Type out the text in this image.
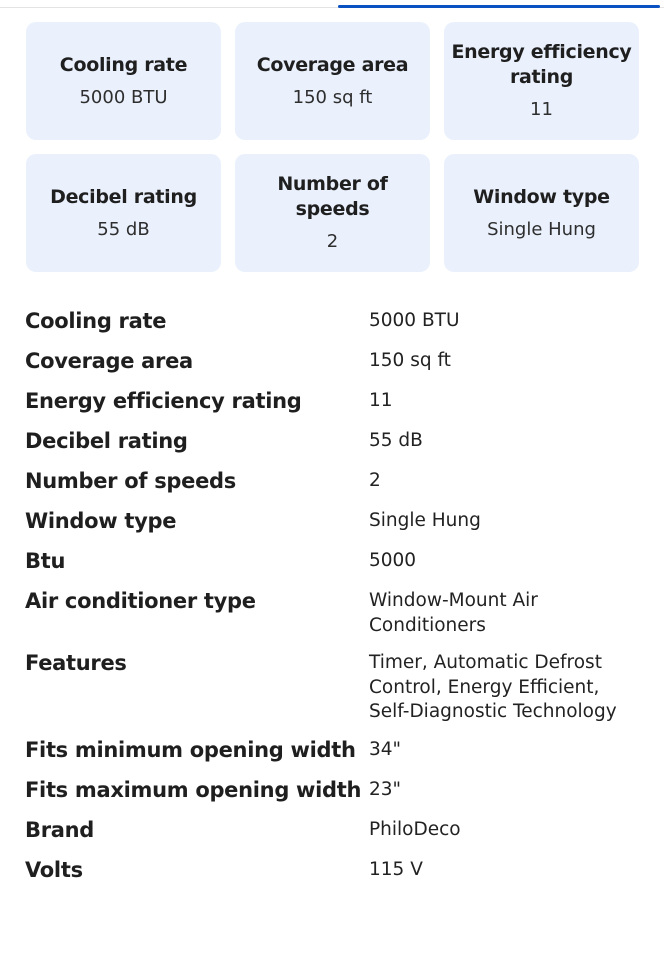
Cooling rate
5000 BTU
Coverage area
150 sq ft
Energy efficiency rating
11
Decibel rating
55 dB
Number of speeds
2
Window type
Single Hung
Cooling rate	5000 BTU
Coverage area	150 sq ft
Energy efficiency rating	11
Decibel rating	55 dB
Number of speeds	2
Window type	Single Hung
Btu	5000
Air conditioner type	Window-Mount Air Conditioners
Features	Timer, Automatic Defrost Control, Energy Efficient, Self-Diagnostic Technology
Fits minimum opening width 34"
Fits maximum opening width 23"
Brand	PhiloDeco
Volts	115 V
